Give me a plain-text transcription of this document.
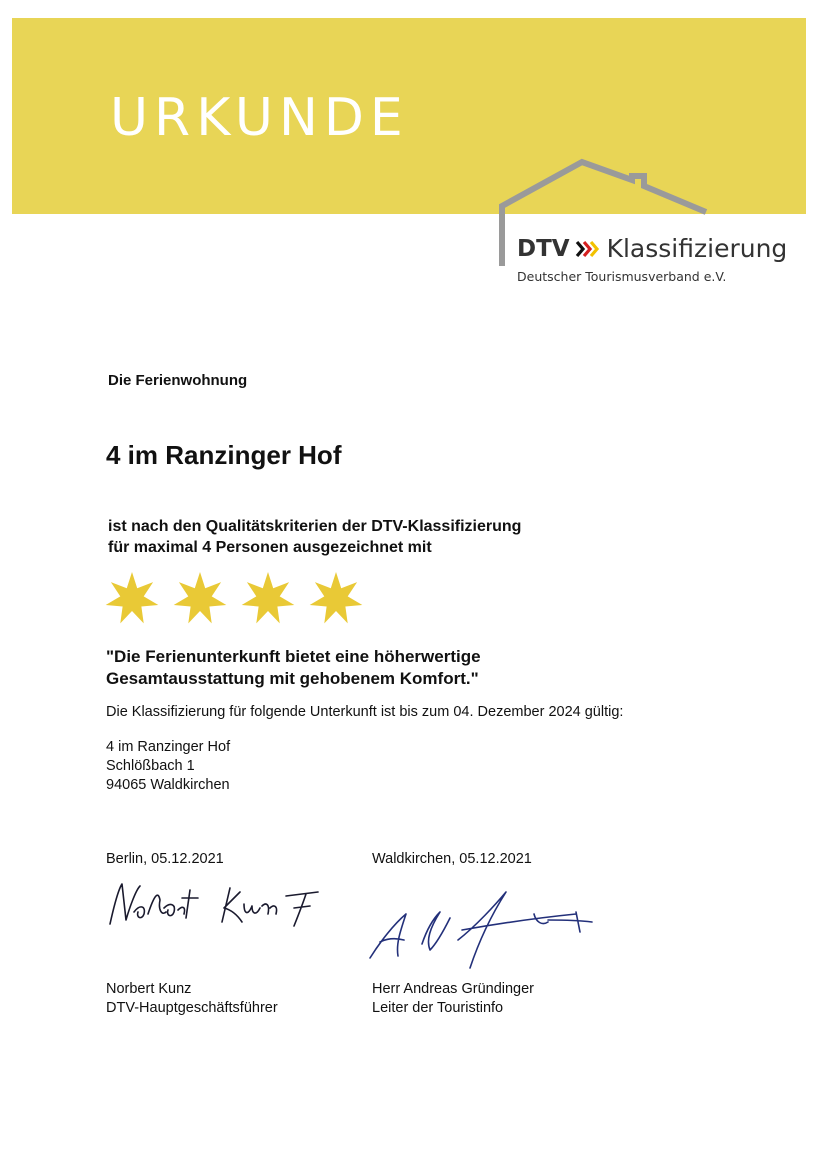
URKUNDE
DTV Klassifizierung
Deutscher Tourismusverband e.V.
Die Ferienwohnung
4 im Ranzinger Hof
ist nach den Qualitätskriterien der DTV-Klassifizierung
für maximal 4 Personen ausgezeichnet mit
"Die Ferienunterkunft bietet eine höherwertige
Gesamtausstattung mit gehobenem Komfort."
Die Klassifizierung für folgende Unterkunft ist bis zum 04. Dezember 2024 gültig:
4 im Ranzinger Hof
Schlößbach 1
94065 Waldkirchen
Berlin, 05.12.2021
Norbert Kunz
DTV-Hauptgeschäftsführer
Waldkirchen, 05.12.2021
Herr Andreas Gründinger
Leiter der Touristinfo
